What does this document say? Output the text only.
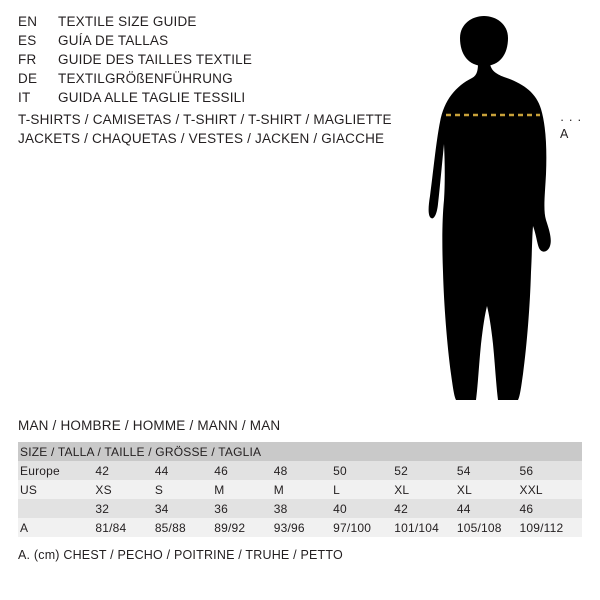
EN	TEXTILE SIZE GUIDE
ES	GUÍA DE TALLAS
FR	GUIDE DES TAILLES TEXTILE
DE	TEXTILGRÖßENFÜHRUNG
IT	GUIDA ALLE TAGLIE TESSILI
T-SHIRTS / CAMISETAS / T-SHIRT / T-SHIRT / MAGLIETTE
JACKETS / CHAQUETAS / VESTES / JACKEN / GIACCHE
· · · A
MAN / HOMBRE / HOMME / MANN / MAN
SIZE / TALLA / TAILLE / GRÖSSE / TAGLIA								
Europe	42	44	46	48	50	52	54	56
US	XS	S	M	M	L	XL	XL	XXL
	32	34	36	38	40	42	44	46
A	81/84	85/88	89/92	93/96	97/100	101/104	105/108	109/112
A. (cm) CHEST / PECHO / POITRINE / TRUHE / PETTO
